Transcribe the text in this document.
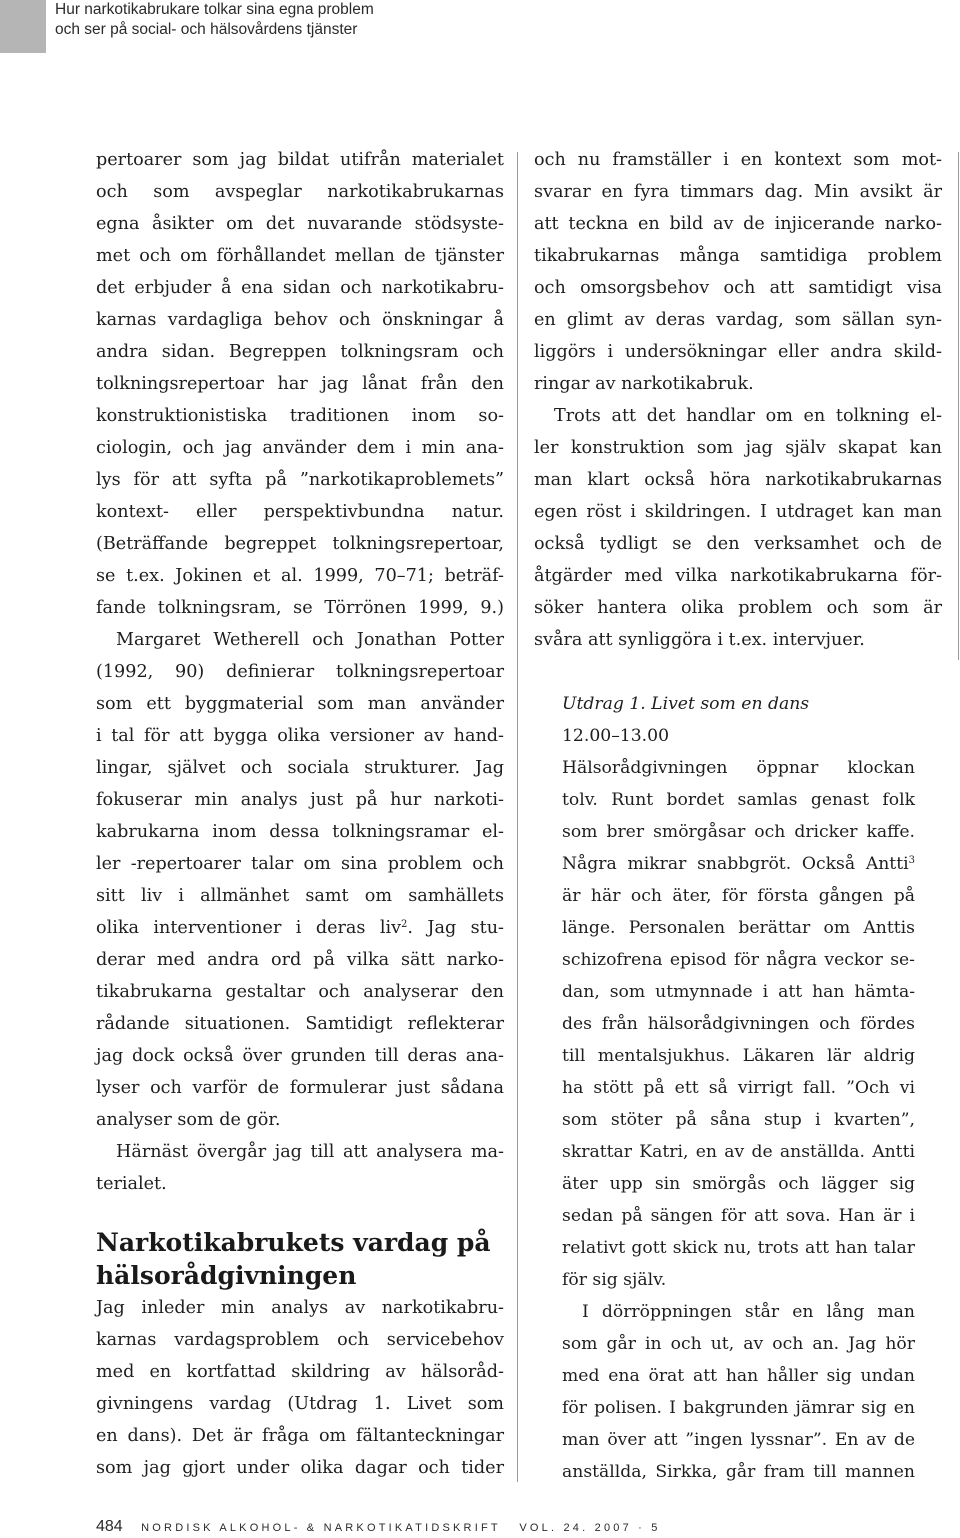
Hur narkotikabrukare tolkar sina egna problem
och ser på social- och hälsovårdens tjänster
pertoarer som jag bildat utifrån materialet
och som avspeglar narkotikabrukarnas
egna åsikter om det nuvarande stödsyste-
met och om förhållandet mellan de tjänster
det erbjuder å ena sidan och narkotikabru-
karnas vardagliga behov och önskningar å
andra sidan. Begreppen tolkningsram och
tolkningsrepertoar har jag lånat från den
konstruktionistiska traditionen inom so-
ciologin, och jag använder dem i min ana-
lys för att syfta på ”narkotikaproblemets”
kontext- eller perspektivbundna natur.
(Beträffande begreppet tolkningsrepertoar,
se t.ex. Jokinen et al. 1999, 70–71; beträf-
fande tolkningsram, se Törrönen 1999, 9.)
Margaret Wetherell och Jonathan Potter
(1992, 90) definierar tolkningsrepertoar
som ett byggmaterial som man använder
i tal för att bygga olika versioner av hand-
lingar, självet och sociala strukturer. Jag
fokuserar min analys just på hur narkoti-
kabrukarna inom dessa tolkningsramar el-
ler -repertoarer talar om sina problem och
sitt liv i allmänhet samt om samhällets
olika interventioner i deras liv$^2$. Jag stu-
derar med andra ord på vilka sätt narko-
tikabrukarna gestaltar och analyserar den
rådande situationen. Samtidigt reflekterar
jag dock också över grunden till deras ana-
lyser och varför de formulerar just sådana
analyser som de gör.
Härnäst övergår jag till att analysera ma-
terialet.
Narkotikabrukets vardag på
hälsorådgivningen
Jag inleder min analys av narkotikabru-
karnas vardagsproblem och servicebehov
med en kortfattad skildring av hälsoråd-
givningens vardag (Utdrag 1. Livet som
en dans). Det är fråga om fältanteckningar
som jag gjort under olika dagar och tider
och nu framställer i en kontext som mot-
svarar en fyra timmars dag. Min avsikt är
att teckna en bild av de injicerande narko-
tikabrukarnas många samtidiga problem
och omsorgsbehov och att samtidigt visa
en glimt av deras vardag, som sällan syn-
liggörs i undersökningar eller andra skild-
ringar av narkotikabruk.
Trots att det handlar om en tolkning el-
ler konstruktion som jag själv skapat kan
man klart också höra narkotikabrukarnas
egen röst i skildringen. I utdraget kan man
också tydligt se den verksamhet och de
åtgärder med vilka narkotikabrukarna för-
söker hantera olika problem och som är
svåra att synliggöra i t.ex. intervjuer.
Utdrag 1. Livet som en dans
12.00–13.00
Hälsorådgivningen öppnar klockan
tolv. Runt bordet samlas genast folk
som brer smörgåsar och dricker kaffe.
Några mikrar snabbgröt. Också Antti$^3$
är här och äter, för första gången på
länge. Personalen berättar om Anttis
schizofrena episod för några veckor se-
dan, som utmynnade i att han hämta-
des från hälsorådgivningen och fördes
till mentalsjukhus. Läkaren lär aldrig
ha stött på ett så virrigt fall. ”Och vi
som stöter på såna stup i kvarten”,
skrattar Katri, en av de anställda. Antti
äter upp sin smörgås och lägger sig
sedan på sängen för att sova. Han är i
relativt gott skick nu, trots att han talar
för sig själv.
I dörröppningen står en lång man
som går in och ut, av och an. Jag hör
med ena örat att han håller sig undan
för polisen. I bakgrunden jämrar sig en
man över att ”ingen lyssnar”. En av de
anställda, Sirkka, går fram till mannen
484 NORDISK ALKOHOL- & NARKOTIKATIDSKRIFT   VOL. 24. 2007 · 5
